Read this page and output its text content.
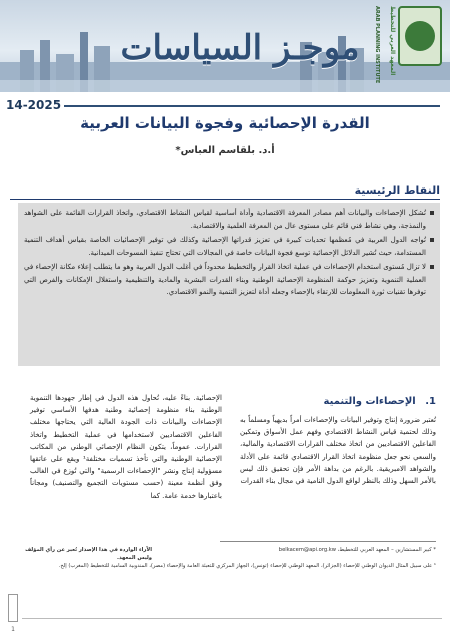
موجـز السياسات	المعهد العربي للتخطيط
ARAB PLANNING INSTITUTE
14-2025
القدرة الإحصائية وفجوة البيانات العربية
أ.د. بلقاسم العباس*
النقاط الرئيسية
تُشكل الإحصاءات والبيانات أهم مصادر المعرفة الاقتصادية وأداة أساسية لقياس النشاط الاقتصادي، واتخاذ القرارات القائمة على الشواهد والنمذجة، وهي نشاط فني قائم على مستوى عال من المعرفة العلمية والاقتصادية.
تُواجه الدول العربية في مُعظمها تحديات كبيرة في تعزيز قدراتها الإحصائية وكذلك في توفير الإحصائيات الخاصة بقياس أهداف التنمية المستدامة، حيث تُشير الدلائل الإحصائية توسع فجوة البيانات خاصة في المجالات التي تحتاج تنفيذ المسوحات الميدانية.
لا تزال مُستوى استخدام الإحصاءات في عملية اتخاذ القرار والتخطيط محدوداً في أغلب الدول العربية وهو ما يتطلب إعلاء مكانة الإحصاء في العملية التنموية وتعزيز حوكمة المنظومة الإحصائية الوطنية وبناء القدرات البشرية والمادية والتنظيمية واستغلال الإمكانات والفرص التي توفرها تقنيات ثورة المعلومات للارتقاء بالإحصاء وجعله أداة لتعزيز التنمية والنمو الاقتصادي.
1. الإحصاءات والتنمية
تُعتبر ضرورة إنتاج وتوفير البيانات والإحصاءات أمراً بديهياً ومسلماً به وذلك لحتمية قياس النشاط الاقتصادي وفهم عمل الأسواق وتمكين الفاعلين الاقتصاديين من اتخاذ مختلف القرارات الاقتصادية والمالية، والسعي نحو جعل منظومة اتخاذ القرار الاقتصادي قائمة على الأدلة والشواهد الامبريقية. بالرغم من بداهة الأمر فإن تحقيق ذلك ليس بالأمر السهل وذلك بالنظر لواقع الدول النامية في مجال بناء القدرات
الإحصائية. بناءً عليه، تُحاول هذه الدول في إطار جهودها التنموية الوطنية بناء منظومة إحصائية وطنية هدفها الأساسي توفير الإحصاءات والبيانات ذات الجودة العالية التي يحتاجها مختلف الفاعلين الاقتصاديين لاستخدامها في عملية التخطيط واتخاذ القرارات. عموماً، يتكون النظام الإحصائي الوطني من المكاتب الإحصائية الوطنية والتي تأخذ تسميات مختلفة¹ ويقع على عاتقها مسؤولية إنتاج ونشر "الإحصاءات الرسمية" والتي تُوزع في الغالب وفق أنظمة معينة (حسب مستويات التجميع والتصنيف) ومجاناً باعتبارها خدمة عامة. كما
* كبير المستشارين – المعهد العربي للتخطيط، belkacem@api.org.kw
الآراء الواردة في هذا الإصدار تُعبر عن رأي المؤلف وليس المعهد.
¹ على سبيل المثال الديوان الوطني للإحصاء (الجزائر)، المعهد الوطني للإحصاء (تونس)، الجهاز المركزي للتعبئة العامة والإحصاء (مصر)، المندوبية السامية للتخطيط (المغرب) إلخ.
1
